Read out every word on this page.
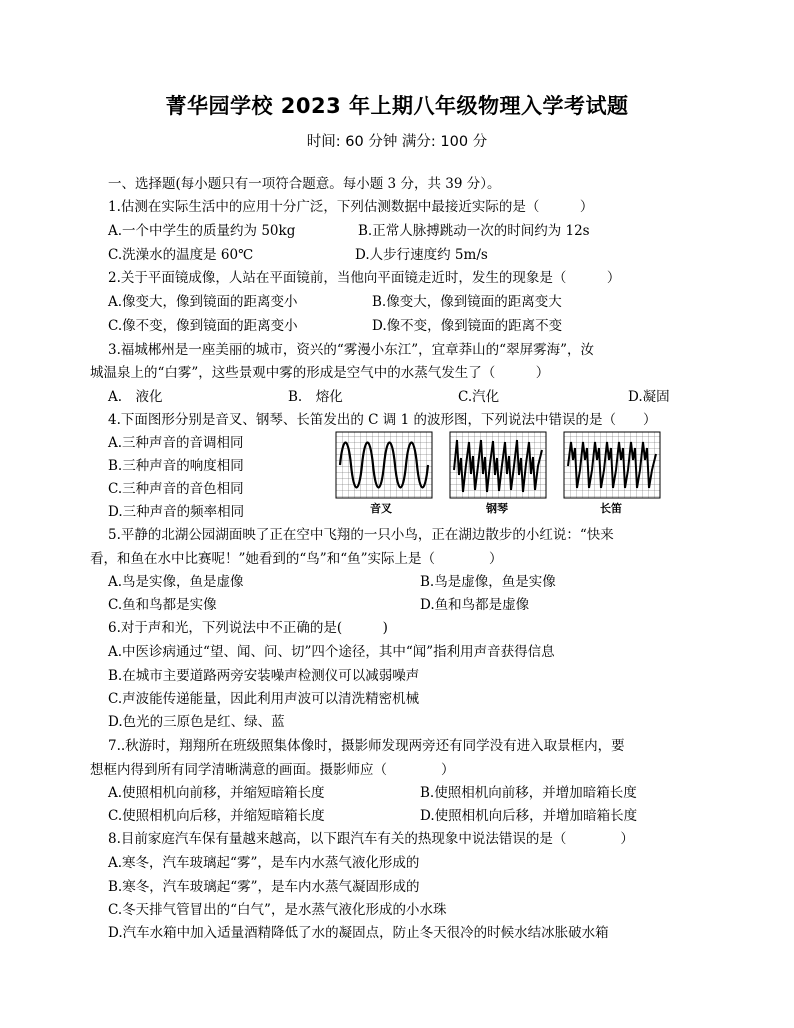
菁华园学校 2023 年上期八年级物理入学考试题
时间: 60 分钟 满分: 100 分
一、选择题(每小题只有一项符合题意。每小题 3 分，共 39 分）。
1.估测在实际生活中的应用十分广泛，下列估测数据中最接近实际的是（　　　）
A.一个中学生的质量约为 50kg	B.正常人脉搏跳动一次的时间约为 12s
C.洗澡水的温度是 60℃	D.人步行速度约 5m/s
2.关于平面镜成像，人站在平面镜前，当他向平面镜走近时，发生的现象是（　　　）
A.像变大，像到镜面的距离变小	B.像变大，像到镜面的距离变大
C.像不变，像到镜面的距离变小	D.像不变，像到镜面的距离不变
3.福城郴州是一座美丽的城市，资兴的“雾漫小东江”，宜章莽山的“翠屏雾海”，汝
城温泉上的“白雾”，这些景观中雾的形成是空气中的水蒸气发生了（　　　）
A.　液化	B.　熔化	C.汽化	D.凝固
4.下面图形分别是音叉、钢琴、长笛发出的 C 调 1 的波形图，下列说法中错误的是（　　）
A.三种声音的音调相同
B.三种声音的响度相同
C.三种声音的音色相同
D.三种声音的频率相同	音叉	钢琴	长笛
5.平静的北湖公园湖面映了正在空中飞翔的一只小鸟，正在湖边散步的小红说：“快来
看，和鱼在水中比赛呢！”她看到的“鸟”和“鱼”实际上是（　　　　）
A.鸟是实像，鱼是虚像	B.鸟是虚像，鱼是实像
C.鱼和鸟都是实像	D.鱼和鸟都是虚像
6.对于声和光，下列说法中不正确的是(　　　)
A.中医诊病通过“望、闻、问、切”四个途径，其中“闻”指利用声音获得信息
B.在城市主要道路两旁安装噪声检测仪可以减弱噪声
C.声波能传递能量，因此利用声波可以清洗精密机械
D.色光的三原色是红、绿、蓝
7..秋游时，翔翔所在班级照集体像时，摄影师发现两旁还有同学没有进入取景框内，要
想框内得到所有同学清晰满意的画面。摄影师应（　　　　）
A.使照相机向前移，并缩短暗箱长度	B.使照相机向前移，并增加暗箱长度
C.使照相机向后移，并缩短暗箱长度	D.使照相机向后移，并增加暗箱长度
8.目前家庭汽车保有量越来越高，以下跟汽车有关的热现象中说法错误的是（　　　　）
A.寒冬，汽车玻璃起“雾”，是车内水蒸气液化形成的
B.寒冬，汽车玻璃起“雾”，是车内水蒸气凝固形成的
C.冬天排气管冒出的“白气”，是水蒸气液化形成的小水珠
D.汽车水箱中加入适量酒精降低了水的凝固点，防止冬天很冷的时候水结冰胀破水箱
